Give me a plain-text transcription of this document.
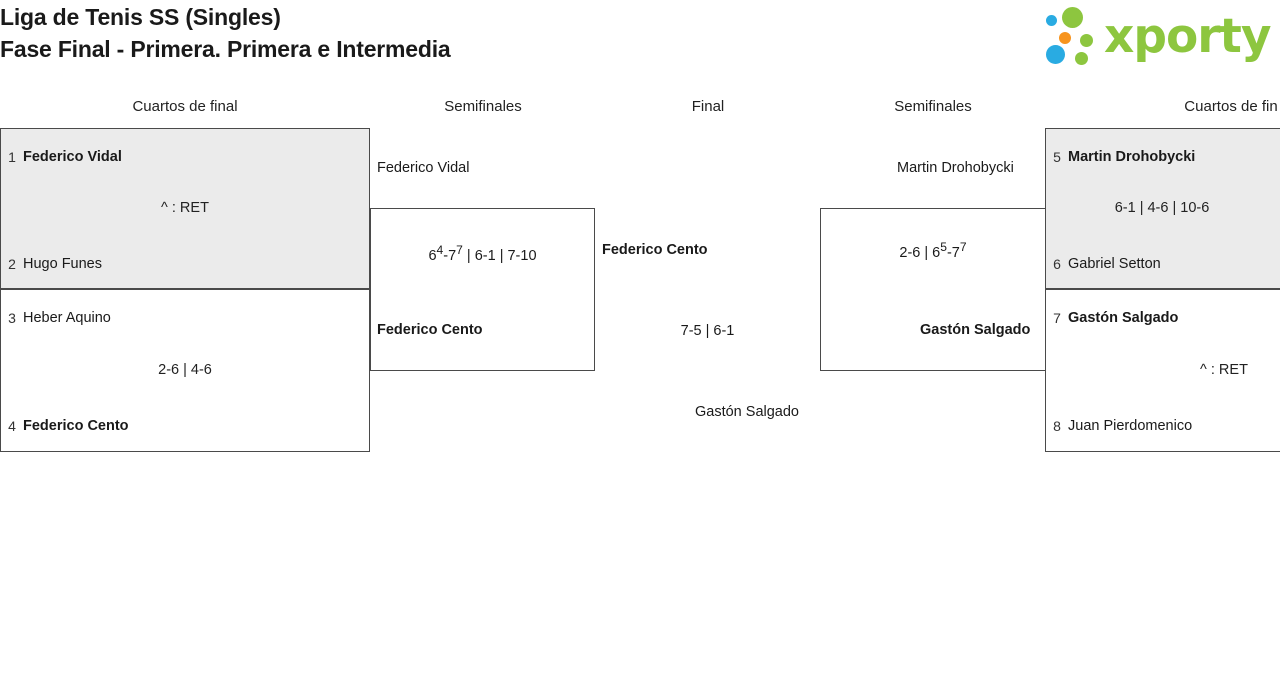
Liga de Tenis SS (Singles)
Fase Final - Primera. Primera e Intermedia	xporty
Cuartos de final	Semifinales	Final	Semifinales	Cuartos de fin
1 Federico Vidal
^ : RET
2 Hugo Funes
3 Heber Aquino
2-6 | 4-6
4 Federico Cento
Federico Vidal
$6^4-7^7$ | 6-1 | 7-10
Federico Cento
Federico Cento
7-5 | 6-1
Gastón Salgado
Martin Drohobycki
2-6 | $6^5-7^7$
Gastón Salgado
5 Martin Drohobycki
6-1 | 4-6 | 10-6
6 Gabriel Setton
7 Gastón Salgado
^ : RET
8 Juan Pierdomenico
